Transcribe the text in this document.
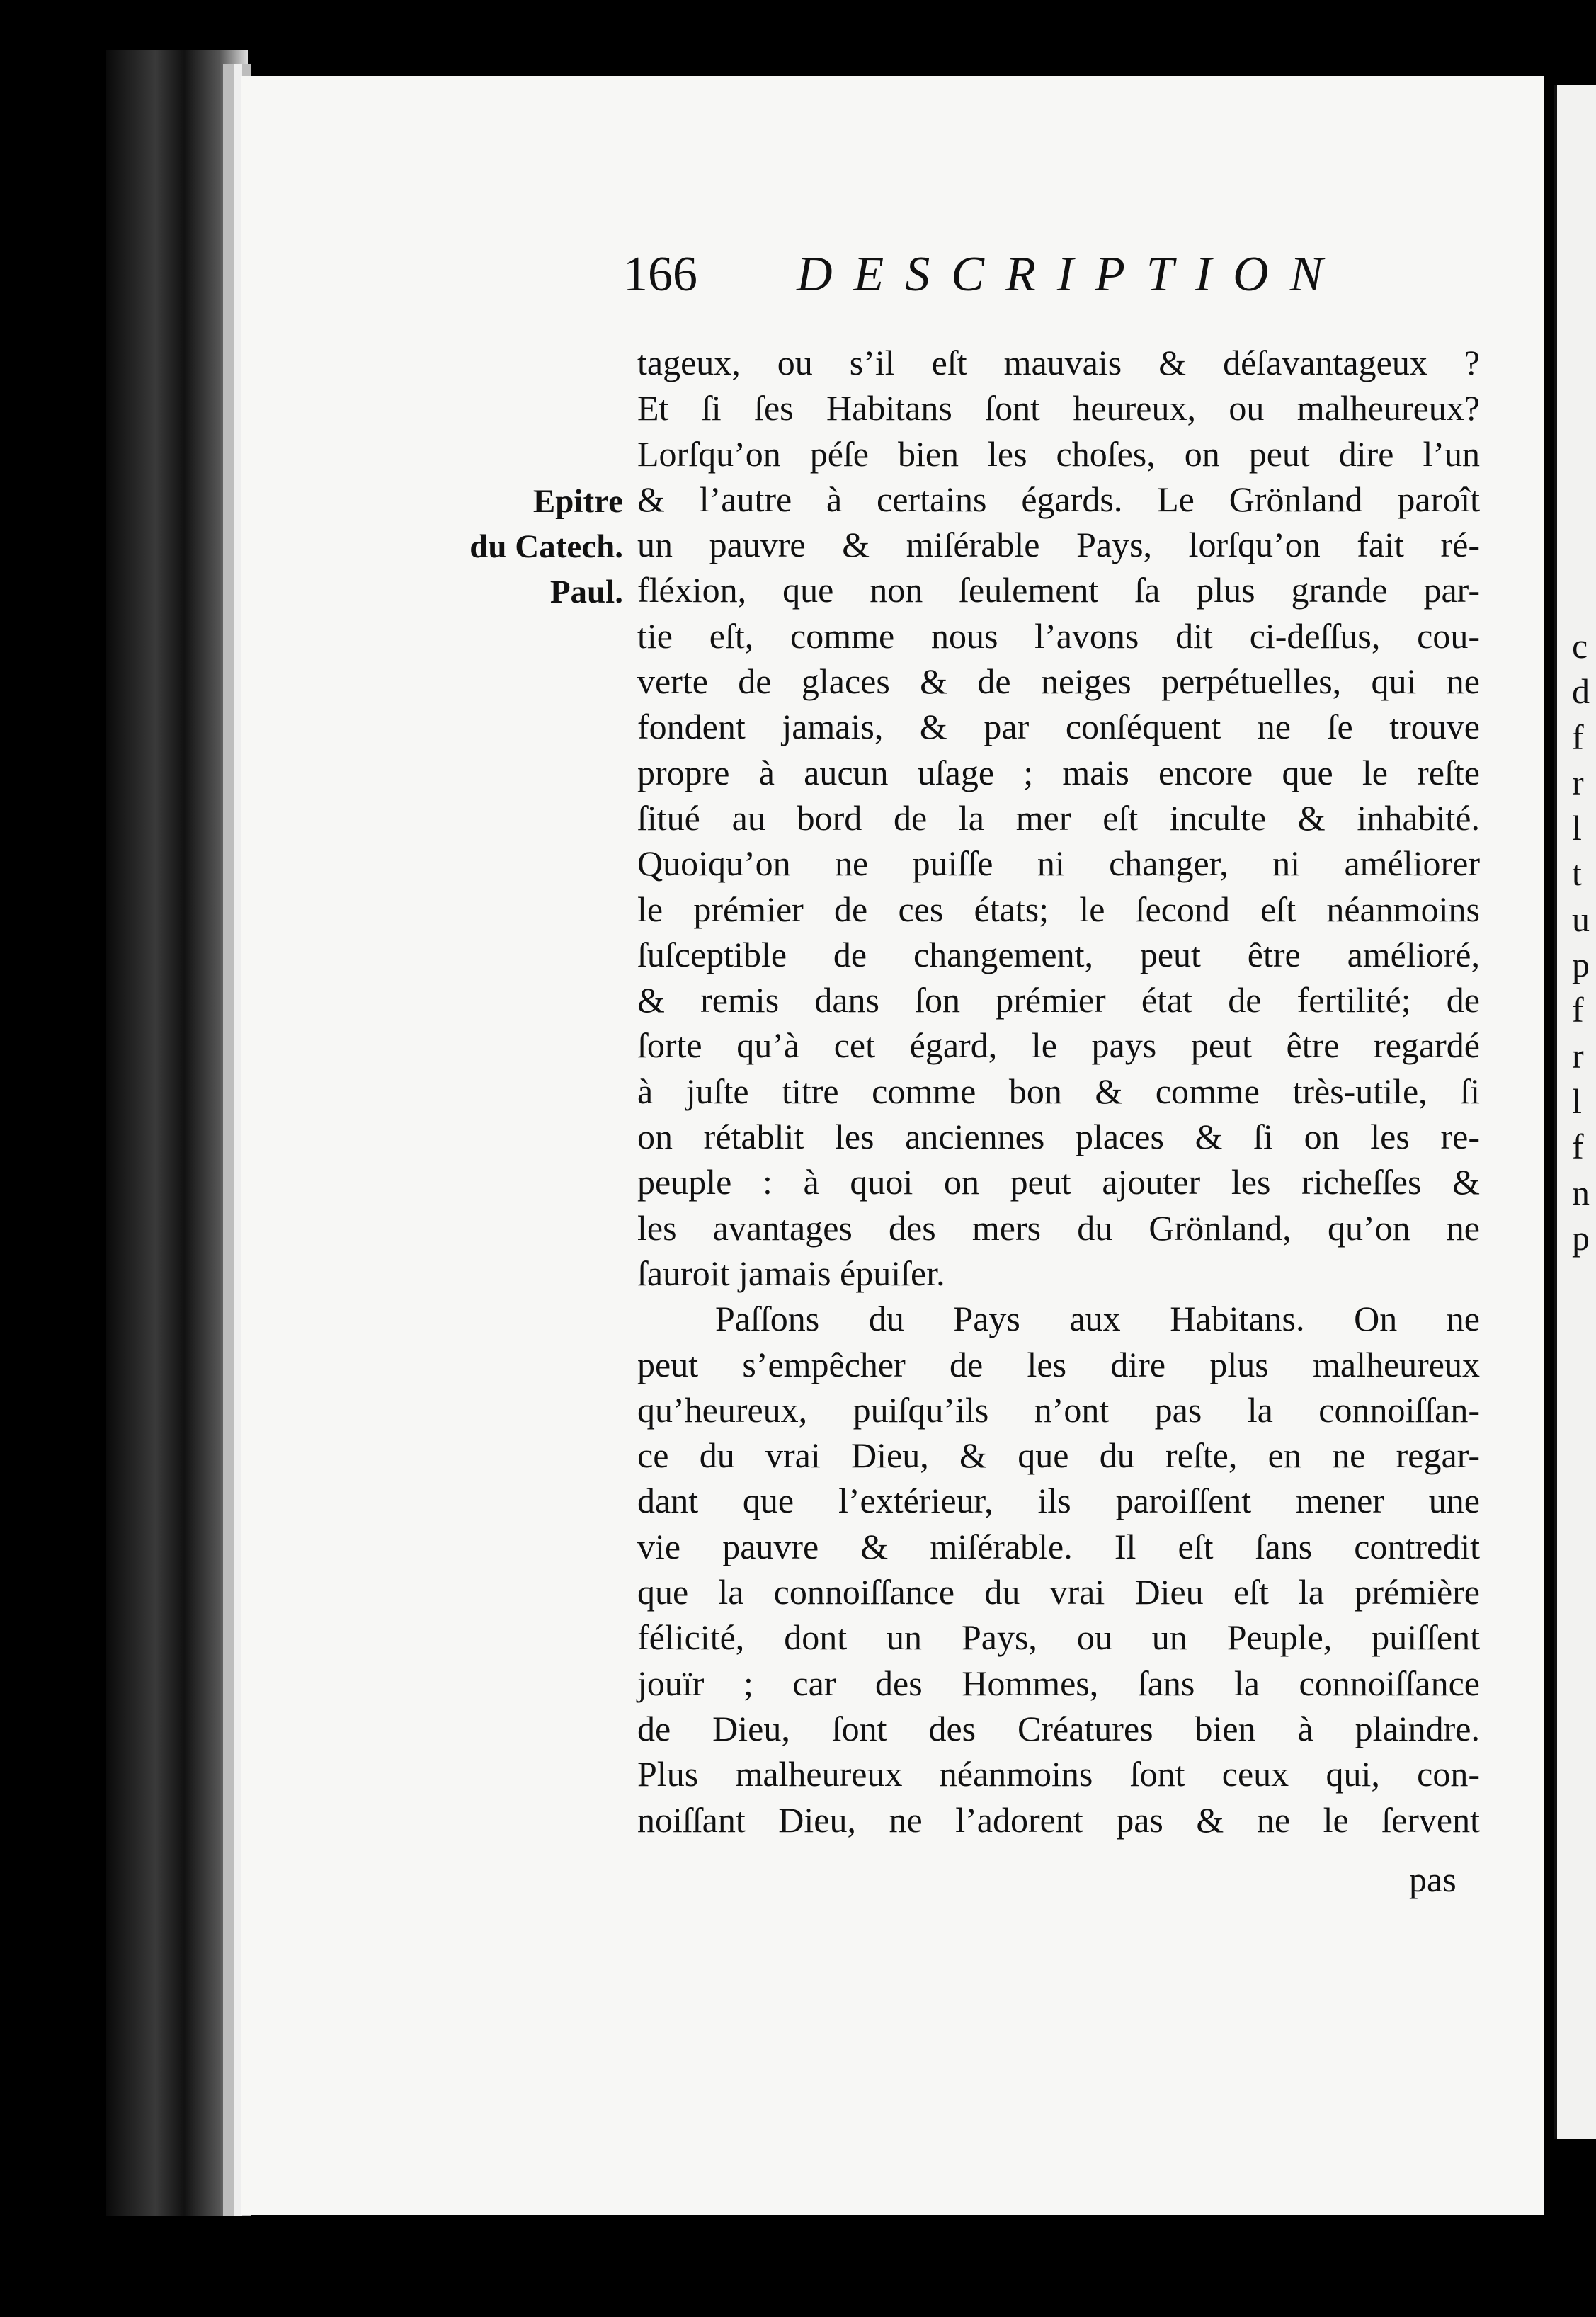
166 DESCRIPTION
Epitre
du Catech.
Paul.
tageux, ou s’il eſt mauvais & déſavantageux ?
Et ſi ſes Habitans ſont heureux, ou malheureux?
Lorſqu’on péſe bien les choſes, on peut dire l’un
& l’autre à certains égards. Le Grönland paroît
un pauvre & miſérable Pays, lorſqu’on fait ré-
fléxion, que non ſeulement ſa plus grande par-
tie eſt, comme nous l’avons dit ci-deſſus, cou-
verte de glaces & de neiges perpétuelles, qui ne
fondent jamais, & par conſéquent ne ſe trouve
propre à aucun uſage ; mais encore que le reſte
ſitué au bord de la mer eſt inculte & inhabité.
Quoiqu’on ne puiſſe ni changer, ni améliorer
le prémier de ces états; le ſecond eſt néanmoins
ſuſceptible de changement, peut être amélioré,
& remis dans ſon prémier état de fertilité; de
ſorte qu’à cet égard, le pays peut être regardé
à juſte titre comme bon & comme très-utile, ſi
on rétablit les anciennes places & ſi on les re-
peuple : à quoi on peut ajouter les richeſſes &
les avantages des mers du Grönland, qu’on ne
ſauroit jamais épuiſer.
Paſſons du Pays aux Habitans. On ne
peut s’empêcher de les dire plus malheureux
qu’heureux, puiſqu’ils n’ont pas la connoiſſan-
ce du vrai Dieu, & que du reſte, en ne regar-
dant que l’extérieur, ils paroiſſent mener une
vie pauvre & miſérable. Il eſt ſans contredit
que la connoiſſance du vrai Dieu eſt la prémière
félicité, dont un Pays, ou un Peuple, puiſſent
jouïr ; car des Hommes, ſans la connoiſſance
de Dieu, ſont des Créatures bien à plaindre.
Plus malheureux néanmoins ſont ceux qui, con-
noiſſant Dieu, ne l’adorent pas & ne le ſervent
pas
c
d
f
r
l
t
u
p
f
r
l
f
n
p
